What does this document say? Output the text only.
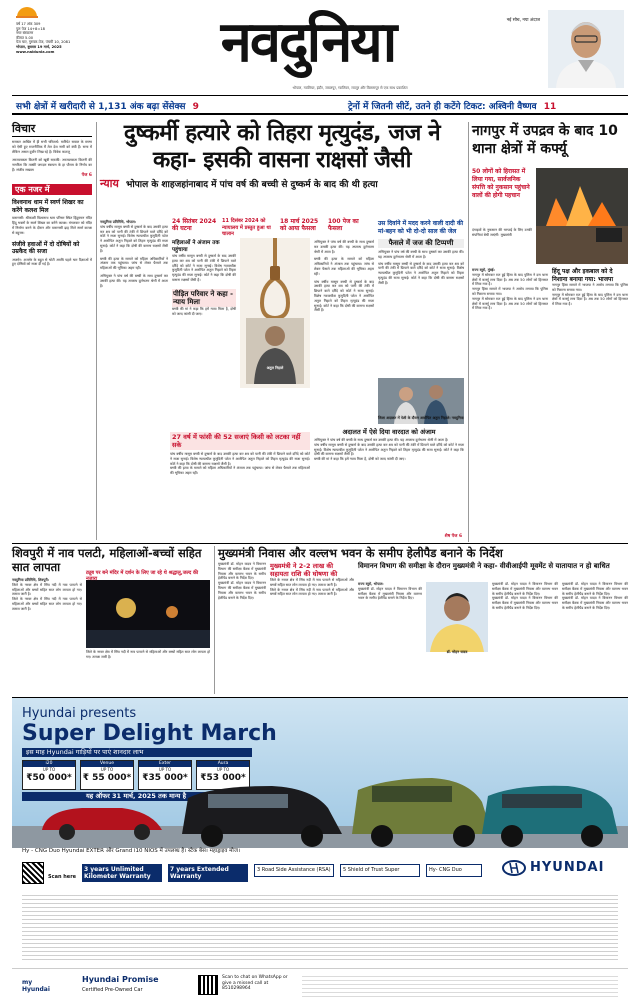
वर्ष 17 अंक 309
पुल पेज 14+8=18
नगर संस्करण
कीमत 5.00
पेज चार, गुरुवार-पेज, पंचमी 10, 2081
भोपाल, बुधवार 19 मार्च, 2025
www.naidunia.com	नवदुनिया	नई सोच, नया अंदाज
भोपाल, ग्वालियर, इंदौर, जबलपुर, ग्वालियर, रायपुर और बिलासपुर से एक साथ प्रकाशित
सभी क्षेत्रों में खरीदारी से 1,131 अंक बढ़ा सेंसेक्स 9	ट्रेनों में जितनी सीटें, उतने ही कटेंगे टिकट: अश्विनी वैष्णव 11
विचार
सरकार आखिर में ही सभी चरितार्थ: मारियेट सवाल के स्तम्भ को ऐसी हुए राजनीतिक मैं तेल देश नामी को बंधी हैं। सत्ता में लेकिन असल दुर्योग लिख़ रहे है। विवेक काटजू
अरजातकता कितनी को खूबी सफ़की: अरजातकता कितनी की नागरिता कि तक्की जगदल स्वायत्त के हा पौराम के निर्णय का हैं। संजीव सख्यम
पेज 6
एक नजर में
विश्वनाथ धाम में स्वर्ण शिखर का करेंगे कलश मिल
वाराणसी: श्रीकाशी विश्वनाथ धाम परिसर स्थित हिंदुस्तान मंदिर हिंदू भक्तों के स्वर्ण शिखर का करेंगे कलश। मंगलवार को मंदिर में निर्माण करने के दौरान और वाराणसी ढ़ाह मिले स्वर्ण कलश से बहुत्तर।
संजीवे हवाओं में दो दोषियों को उम्रकैद की सजा
अजमेर: अजमेर के बहुत से चोटी अवधि पहले चार दिशाओं में हुए दोषियों को सजा दी गई है।
दुष्कर्मी हत्यारे को तिहरा मृत्युदंड, जज ने कहा- इसकी वासना राक्षसों जैसी
न्याय भोपाल के शाहजहांनाबाद में पांच वर्ष की बच्ची से दुष्कर्म के बाद की थी हत्या
नवदुनिया प्रतिनिधि, भोपाल:
पांच वर्षीय मासूम बच्ची से दुष्कर्म के बाद उसकी हत्या कर शव को पानी की टंकी में छिपाने वाले दरिंदे को कोर्ट ने सजा सुनाई। विशेष न्यायाधीश कुमुदिनी पटेल ने आरोपित अतुल निहाले को तिहरा मृत्युदंड की सजा सुनाई। कोर्ट ने कहा कि दोषी की वासना राक्षसों जैसी है।
बच्ची की हत्या के मामले को महिला अधिकारियों ने अंजाम तक पहुंचाया। जांच से लेकर फैसले तक महिलाओं की भूमिका अहम रही।
अभियुक्त ने पांच वर्ष की बच्ची के साथ दुष्कर्म कर उसकी हत्या की। यह अपराध दुर्लभतम श्रेणी में आता है।
24 सितंबर 2024 की घटना
11 दिसंबर 2024 को न्यायालय में प्रस्तुत हुआ था चालान
18 मार्च 2025 को आया फैसला
100 पेज का फैसला
महिलाओं ने अंजाम तक पहुंचाया
पांच वर्षीय मासूम बच्ची से दुष्कर्म के बाद उसकी हत्या कर शव को पानी की टंकी में छिपाने वाले दरिंदे को कोर्ट ने सजा सुनाई। विशेष न्यायाधीश कुमुदिनी पटेल ने आरोपित अतुल निहाले को तिहरा मृत्युदंड की सजा सुनाई। कोर्ट ने कहा कि दोषी की वासना राक्षसों जैसी है।
पीड़ित परिवार ने कहा - न्याय मिला
बच्ची की मां ने कहा कि हमें न्याय मिला है, दोषी को जल्द फांसी दी जाए।
अतुल निहाले
अभियुक्त ने पांच वर्ष की बच्ची के साथ दुष्कर्म कर उसकी हत्या की। यह अपराध दुर्लभतम श्रेणी में आता है।
बच्ची की हत्या के मामले को महिला अधिकारियों ने अंजाम तक पहुंचाया। जांच से लेकर फैसले तक महिलाओं की भूमिका अहम रही।
पांच वर्षीय मासूम बच्ची से दुष्कर्म के बाद उसकी हत्या कर शव को पानी की टंकी में छिपाने वाले दरिंदे को कोर्ट ने सजा सुनाई। विशेष न्यायाधीश कुमुदिनी पटेल ने आरोपित अतुल निहाले को तिहरा मृत्युदंड की सजा सुनाई। कोर्ट ने कहा कि दोषी की वासना राक्षसों जैसी है।
उस दिवांने में मदद करने वाली दादी की मां-बहन को भी दो-दो साल की जेल
फैसले में जज की टिप्पणी
अभियुक्त ने पांच वर्ष की बच्ची के साथ दुष्कर्म कर उसकी हत्या की। यह अपराध दुर्लभतम श्रेणी में आता है।
पांच वर्षीय मासूम बच्ची से दुष्कर्म के बाद उसकी हत्या कर शव को पानी की टंकी में छिपाने वाले दरिंदे को कोर्ट ने सजा सुनाई। विशेष न्यायाधीश कुमुदिनी पटेल ने आरोपित अतुल निहाले को तिहरा मृत्युदंड की सजा सुनाई। कोर्ट ने कहा कि दोषी की वासना राक्षसों जैसी है।
27 वर्ष में फांसी की 52 सजाएं किसी को लटका नहीं सके
पांच वर्षीय मासूम बच्ची से दुष्कर्म के बाद उसकी हत्या कर शव को पानी की टंकी में छिपाने वाले दरिंदे को कोर्ट ने सजा सुनाई। विशेष न्यायाधीश कुमुदिनी पटेल ने आरोपित अतुल निहाले को तिहरा मृत्युदंड की सजा सुनाई। कोर्ट ने कहा कि दोषी की वासना राक्षसों जैसी है।
बच्ची की हत्या के मामले को महिला अधिकारियों ने अंजाम तक पहुंचाया। जांच से लेकर फैसले तक महिलाओं की भूमिका अहम रही।
अदालत में ऐसे दिया वारदात को अंजाम
अभियुक्त ने पांच वर्ष की बच्ची के साथ दुष्कर्म कर उसकी हत्या की। यह अपराध दुर्लभतम श्रेणी में आता है।
पांच वर्षीय मासूम बच्ची से दुष्कर्म के बाद उसकी हत्या कर शव को पानी की टंकी में छिपाने वाले दरिंदे को कोर्ट ने सजा सुनाई। विशेष न्यायाधीश कुमुदिनी पटेल ने आरोपित अतुल निहाले को तिहरा मृत्युदंड की सजा सुनाई। कोर्ट ने कहा कि दोषी की वासना राक्षसों जैसी है।
बच्ची की मां ने कहा कि हमें न्याय मिला है, दोषी को जल्द फांसी दी जाए।
जिला अदालत में पेशी के दौरान आरोपित अतुल निहाले। नवदुनिया
शेष पेज 6
नागपुर में उपद्रव के बाद 10 थाना क्षेत्रों में कर्फ्यू
50 लोगों को हिरासत में लिया गया, सार्वजनिक संपत्ति को नुकसान पहुंचाने वालों की होगी पहचान
दंगाइयों के नुकसान की भरपाई के लिए उनकी संपत्तियां बेची जाएंगी: मुख्यमंत्री
राज्य ब्यूरो, मुंबई:
नागपुर में सोमवार रात हुई हिंसा के बाद पुलिस ने दस थाना क्षेत्रों में कर्फ्यू लगा दिया है। अब तक 50 लोगों को हिरासत में लिया गया है।
नागपुर हिंसा मामले में भाजपा ने आरोप लगाया कि पुलिस को निशाना बनाया गया।
नागपुर में सोमवार रात हुई हिंसा के बाद पुलिस ने दस थाना क्षेत्रों में कर्फ्यू लगा दिया है। अब तक 50 लोगों को हिरासत में लिया गया है।
हिंदू पक्ष और इकबाल को दे निशाना बनाया गया: भाजपा
नागपुर हिंसा मामले में भाजपा ने आरोप लगाया कि पुलिस को निशाना बनाया गया।
नागपुर में सोमवार रात हुई हिंसा के बाद पुलिस ने दस थाना क्षेत्रों में कर्फ्यू लगा दिया है। अब तक 50 लोगों को हिरासत में लिया गया है।
शिवपुरी में नाव पलटी, महिलाओं-बच्चों सहित सात लापता
नवदुनिया प्रतिनिधि, शिवपुरी:
जिले के नरवर क्षेत्र में सिंध नदी में नाव पलटने से महिलाओं और बच्चों सहित सात लोग लापता हो गए। तलाश जारी है।
जिले के नरवर क्षेत्र में सिंध नदी में नाव पलटने से महिलाओं और बच्चों सहित सात लोग लापता हो गए। तलाश जारी है।
ट्यूब पर बने मंदिर में दर्शन के लिए जा रहे थे श्रद्धालु,जल्द की नजारा
जिले के नरवर क्षेत्र में सिंध नदी में नाव पलटने से महिलाओं और बच्चों सहित सात लोग लापता हो गए। तलाश जारी है।
मुख्यमंत्री निवास और वल्लभ भवन के समीप हेलीपैड बनाने के निर्देश
मुख्यमंत्री ने 2-2 लाख की सहायता राशि की घोषणा की
जिले के नरवर क्षेत्र में सिंध नदी में नाव पलटने से महिलाओं और बच्चों सहित सात लोग लापता हो गए। तलाश जारी है।
जिले के नरवर क्षेत्र में सिंध नदी में नाव पलटने से महिलाओं और बच्चों सहित सात लोग लापता हो गए। तलाश जारी है।
विमानन विभाग की समीक्षा के दौरान मुख्यमंत्री ने कहा- वीवीआईपी मूवमेंट से यातायात न हो बाधित
राज्य ब्यूरो, भोपाल:
मुख्यमंत्री डॉ. मोहन यादव ने विमानन विभाग की समीक्षा बैठक में मुख्यमंत्री निवास और वल्लभ भवन के समीप हेलीपैड बनाने के निर्देश दिए।
डॉ. मोहन यादव
मुख्यमंत्री डॉ. मोहन यादव ने विमानन विभाग की समीक्षा बैठक में मुख्यमंत्री निवास और वल्लभ भवन के समीप हेलीपैड बनाने के निर्देश दिए।
मुख्यमंत्री डॉ. मोहन यादव ने विमानन विभाग की समीक्षा बैठक में मुख्यमंत्री निवास और वल्लभ भवन के समीप हेलीपैड बनाने के निर्देश दिए।
मुख्यमंत्री डॉ. मोहन यादव ने विमानन विभाग की समीक्षा बैठक में मुख्यमंत्री निवास और वल्लभ भवन के समीप हेलीपैड बनाने के निर्देश दिए।
मुख्यमंत्री डॉ. मोहन यादव ने विमानन विभाग की समीक्षा बैठक में मुख्यमंत्री निवास और वल्लभ भवन के समीप हेलीपैड बनाने के निर्देश दिए।
मुख्यमंत्री डॉ. मोहन यादव ने विमानन विभाग की समीक्षा बैठक में मुख्यमंत्री निवास और वल्लभ भवन के समीप हेलीपैड बनाने के निर्देश दिए।
मुख्यमंत्री डॉ. मोहन यादव ने विमानन विभाग की समीक्षा बैठक में मुख्यमंत्री निवास और वल्लभ भवन के समीप हेलीपैड बनाने के निर्देश दिए।
Hyundai presents
Super Delight March
इस माह Hyundai गाड़ियों पर पाएं शानदार लाभ
i20
UP TO
₹50 000*
Venue
UP TO
₹ 55 000*
Exter
UP TO
₹35 000*
Aura
UP TO
₹53 000*
यह ऑफर 31 मार्च, 2025 तक मान्य है
Hy - CNG Duo Hyundai EXTER और Grand i10 NIOS में उपलब्ध है। स्टैक बेस। महाड्राइव मौज।
Scan here
3 years Unlimited Kilometer Warranty
7 years Extended Warranty
3 Road Side Assistance (RSA)	5 Shield of Trust Super	Hy- CNG Duo	HYUNDAI
my Hyundai
Hyundai Promise
Certified Pre-Owned Car
Scan to chat on WhatsApp or give a missed call at 8510298964
